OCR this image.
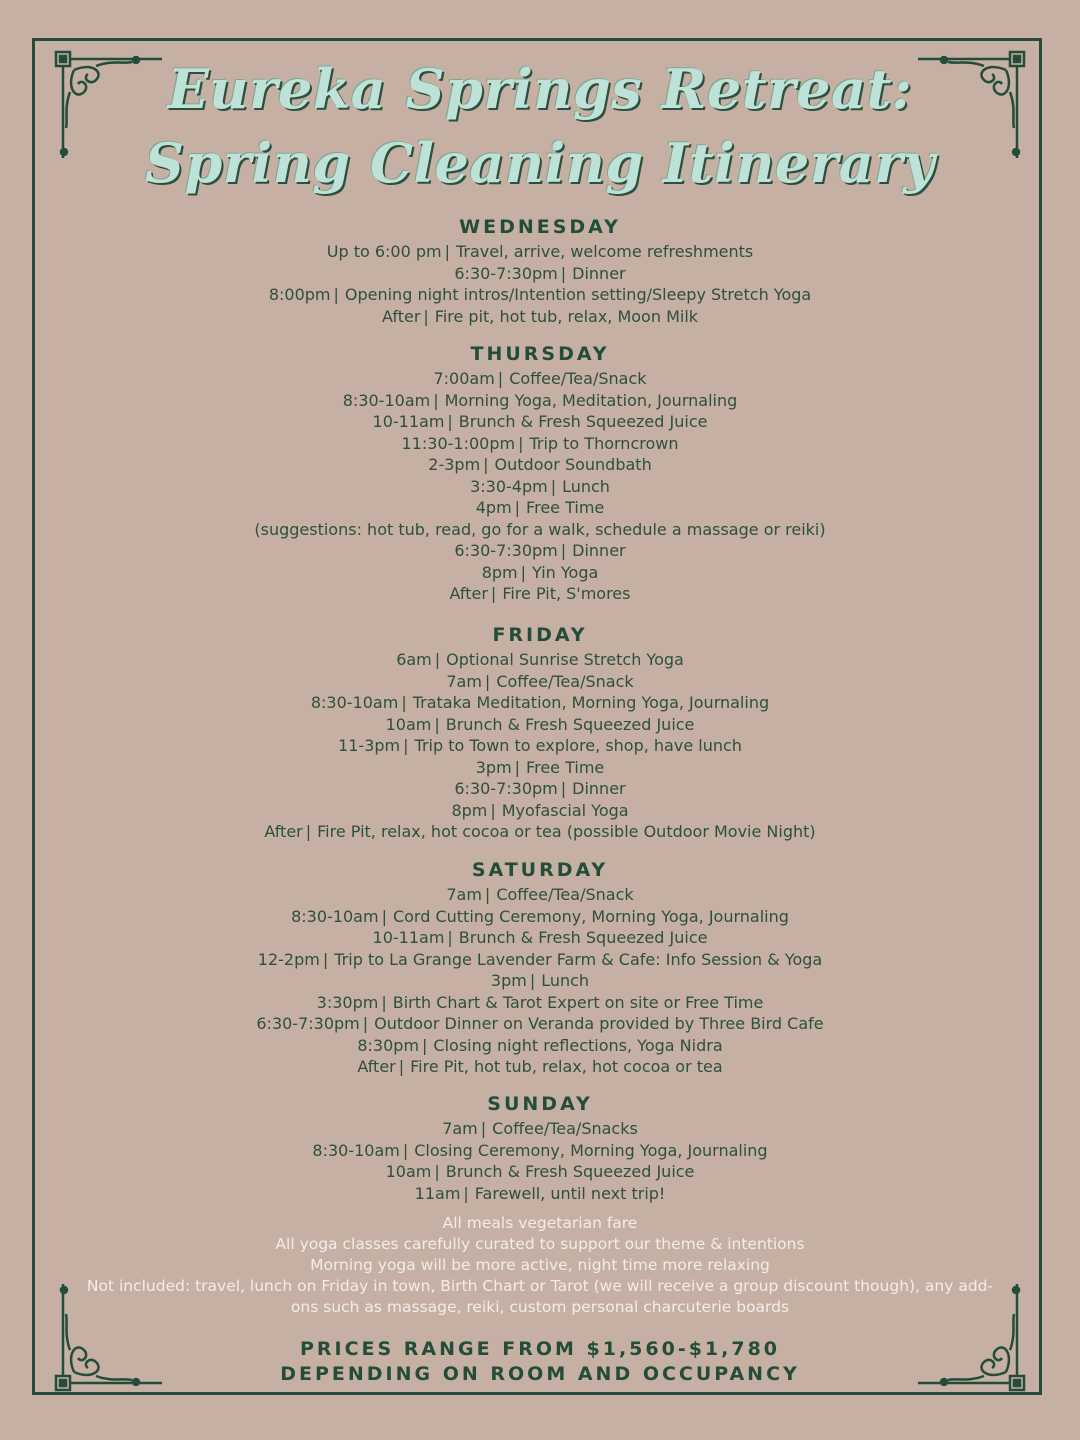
Eureka Springs Retreat:
Spring Cleaning Itinerary
WEDNESDAY
Up to 6:00 pm | Travel, arrive, welcome refreshments
6:30-7:30pm | Dinner
8:00pm | Opening night intros/Intention setting/Sleepy Stretch Yoga
After | Fire pit, hot tub, relax, Moon Milk
THURSDAY
7:00am | Coffee/Tea/Snack
8:30-10am | Morning Yoga, Meditation, Journaling
10-11am | Brunch & Fresh Squeezed Juice
11:30-1:00pm | Trip to Thorncrown
2-3pm | Outdoor Soundbath
3:30-4pm | Lunch
4pm | Free Time
(suggestions: hot tub, read, go for a walk, schedule a massage or reiki)
6:30-7:30pm | Dinner
8pm | Yin Yoga
After | Fire Pit, S'mores
FRIDAY
6am | Optional Sunrise Stretch Yoga
7am | Coffee/Tea/Snack
8:30-10am | Trataka Meditation, Morning Yoga, Journaling
10am | Brunch & Fresh Squeezed Juice
11-3pm | Trip to Town to explore, shop, have lunch
3pm | Free Time
6:30-7:30pm | Dinner
8pm | Myofascial Yoga
After | Fire Pit, relax, hot cocoa or tea (possible Outdoor Movie Night)
SATURDAY
7am | Coffee/Tea/Snack
8:30-10am | Cord Cutting Ceremony, Morning Yoga, Journaling
10-11am | Brunch & Fresh Squeezed Juice
12-2pm | Trip to La Grange Lavender Farm & Cafe: Info Session & Yoga
3pm | Lunch
3:30pm | Birth Chart & Tarot Expert on site or Free Time
6:30-7:30pm | Outdoor Dinner on Veranda provided by Three Bird Cafe
8:30pm | Closing night reflections, Yoga Nidra
After | Fire Pit, hot tub, relax, hot cocoa or tea
SUNDAY
7am | Coffee/Tea/Snacks
8:30-10am | Closing Ceremony, Morning Yoga, Journaling
10am | Brunch & Fresh Squeezed Juice
11am | Farewell, until next trip!
All meals vegetarian fare
All yoga classes carefully curated to support our theme & intentions
Morning yoga will be more active, night time more relaxing
Not included: travel, lunch on Friday in town, Birth Chart or Tarot (we will receive a group discount though), any add-
ons such as massage, reiki, custom personal charcuterie boards
PRICES RANGE FROM $1,560-$1,780
DEPENDING ON ROOM AND OCCUPANCY
